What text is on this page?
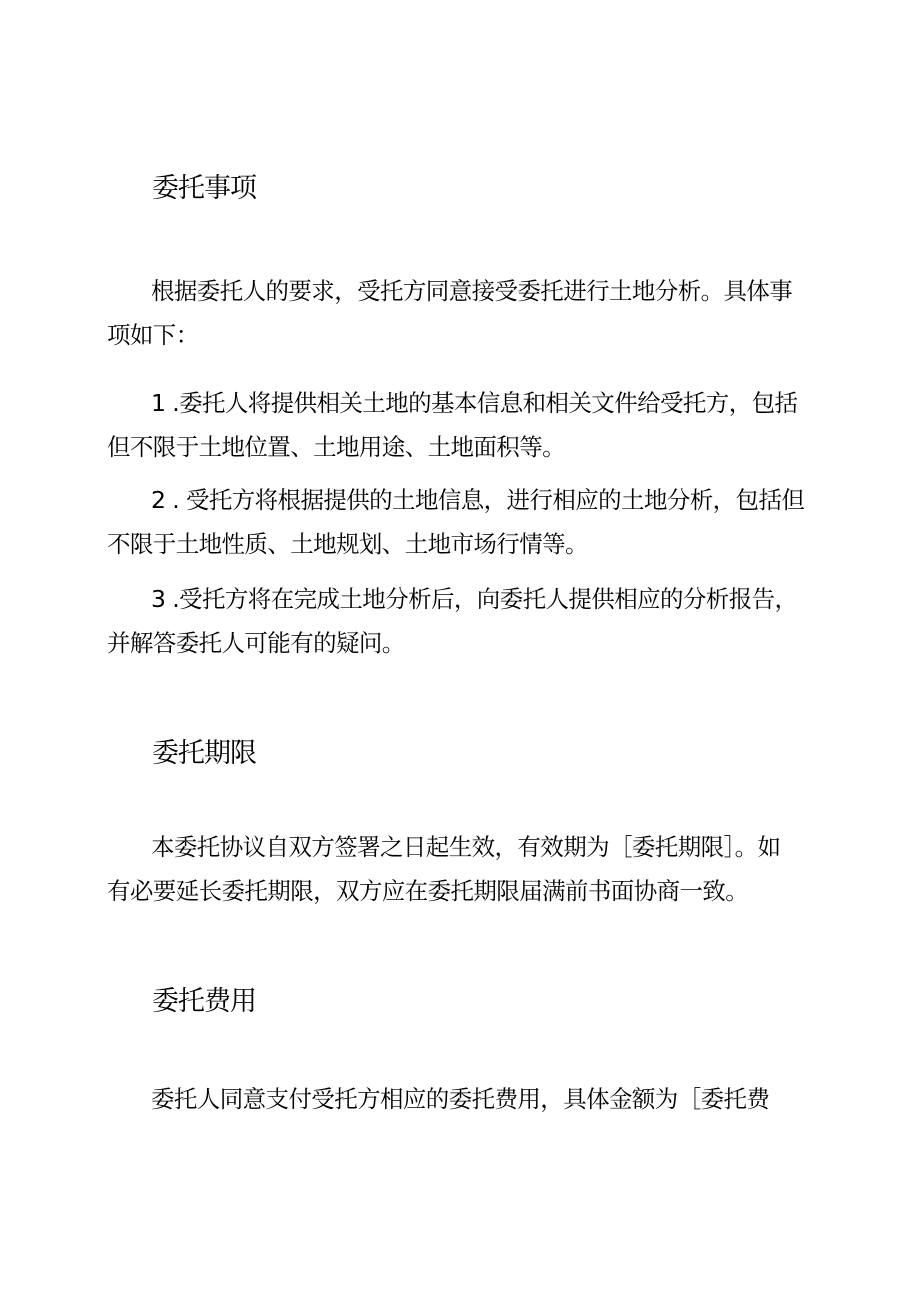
委托事项

根据委托人的要求，受托方同意接受委托进行土地分析。具体事
项如下：

1 .委托人将提供相关土地的基本信息和相关文件给受托方，包括
但不限于土地位置、土地用途、土地面积等。

2 . 受托方将根据提供的土地信息，进行相应的土地分析，包括但
不限于土地性质、土地规划、土地市场行情等。

3 .受托方将在完成土地分析后，向委托人提供相应的分析报告，
并解答委托人可能有的疑问。

委托期限

本委托协议自双方签署之日起生效，有效期为［委托期限］。如
有必要延长委托期限，双方应在委托期限届满前书面协商一致。

委托费用

委托人同意支付受托方相应的委托费用，具体金额为［委托费
